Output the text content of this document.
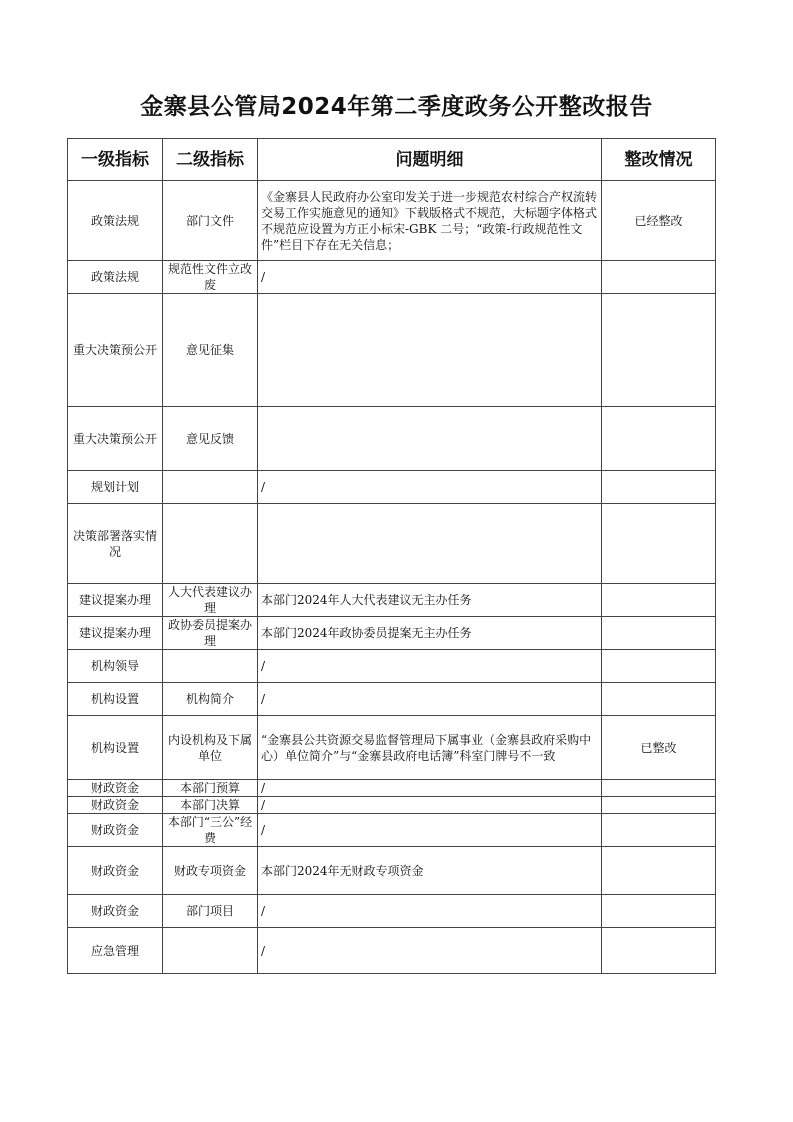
金寨县公管局2024年第二季度政务公开整改报告
一级指标	二级指标	问题明细	整改情况
政策法规	部门文件	《金寨县人民政府办公室印发关于进一步规范农村综合产权流转交易工作实施意见的通知》下载版格式不规范，大标题字体格式不规范应设置为方正小标宋-GBK 二号；“政策-行政规范性文件”栏目下存在无关信息；	已经整改
政策法规	规范性文件立改废	/	
重大决策预公开	意见征集		
重大决策预公开	意见反馈		
规划计划		/	
决策部署落实情况			
建议提案办理	人大代表建议办理	本部门2024年人大代表建议无主办任务	
建议提案办理	政协委员提案办理	本部门2024年政协委员提案无主办任务	
机构领导		/	
机构设置	机构简介	/	
机构设置	内设机构及下属单位	“金寨县公共资源交易监督管理局下属事业（金寨县政府采购中心）单位简介”与“金寨县政府电话簿”科室门牌号不一致	已整改
财政资金	本部门预算	/	
财政资金	本部门决算	/	
财政资金	本部门“三公”经费	/	
财政资金	财政专项资金	本部门2024年无财政专项资金	
财政资金	部门项目	/	
应急管理		/	
